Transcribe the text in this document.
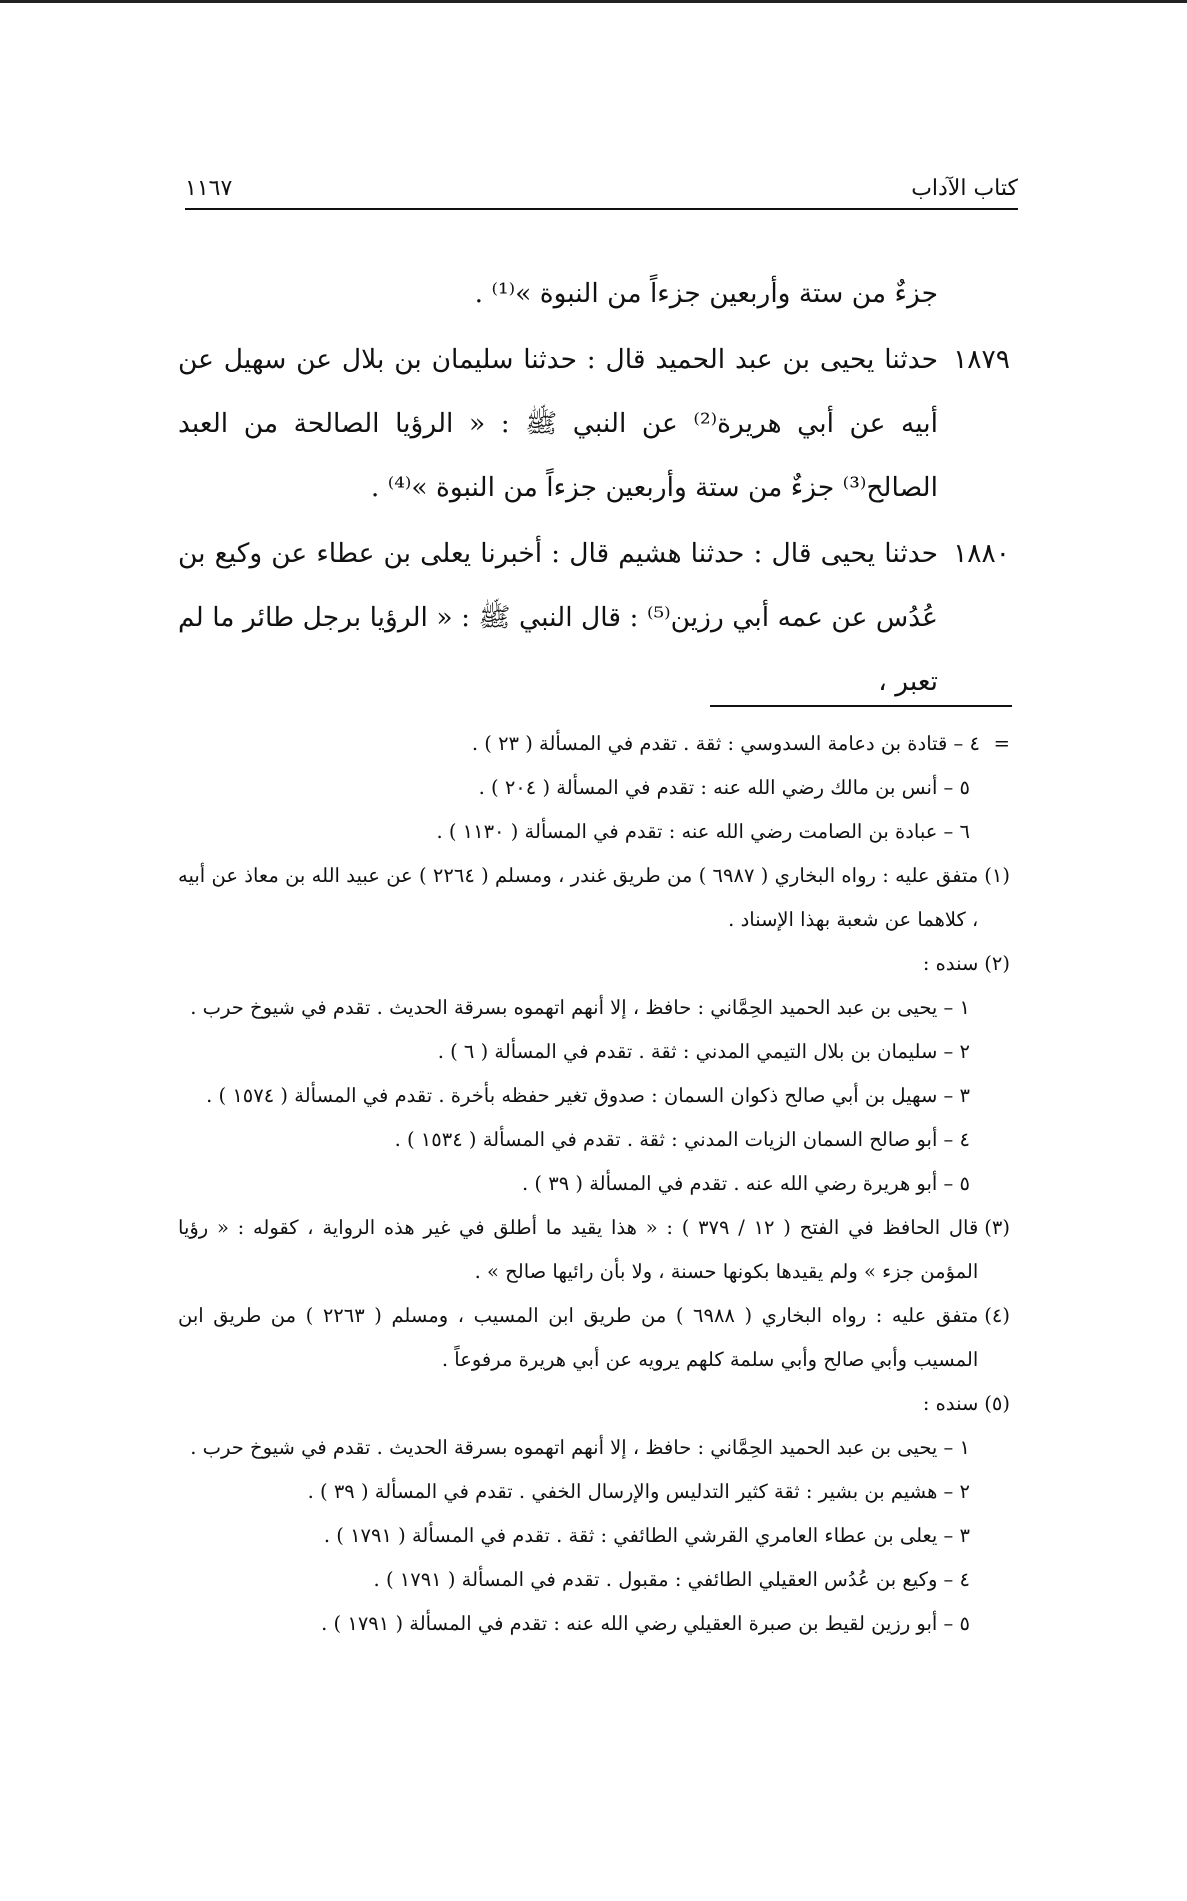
كتاب الآداب
١١٦٧

جزءٌ من ستة وأربعين جزءاً من النبوة »⁽¹⁾ .

١٨٧٩
حدثنا يحيى بن عبد الحميد قال : حدثنا سليمان بن بلال عن سهيل عن أبيه عن أبي هريرة⁽²⁾ عن النبي ﷺ : « الرؤيا الصالحة من العبد الصالح⁽³⁾ جزءٌ من ستة وأربعين جزءاً من النبوة »⁽⁴⁾ .
١٨٨٠
حدثنا يحيى قال : حدثنا هشيم قال : أخبرنا يعلى بن عطاء عن وكيع بن عُدُس عن عمه أبي رزين⁽⁵⁾ : قال النبي ﷺ : « الرؤيا برجل طائر ما لم تعبر ،
=
٤ – قتادة بن دعامة السدوسي : ثقة . تقدم في المسألة ( ٢٣ ) .
٥ – أنس بن مالك رضي الله عنه : تقدم في المسألة ( ٢٠٤ ) .
٦ – عبادة بن الصامت رضي الله عنه : تقدم في المسألة ( ١١٣٠ ) .
(١)
متفق عليه : رواه البخاري ( ٦٩٨٧ ) من طريق غندر ، ومسلم ( ٢٢٦٤ ) عن عبيد الله بن معاذ عن أبيه ، كلاهما عن شعبة بهذا الإسناد .
(٢)
سنده :
١ – يحيى بن عبد الحميد الحِمَّاني : حافظ ، إلا أنهم اتهموه بسرقة الحديث . تقدم في شيوخ حرب .
٢ – سليمان بن بلال التيمي المدني : ثقة . تقدم في المسألة ( ٦ ) .
٣ – سهيل بن أبي صالح ذكوان السمان : صدوق تغير حفظه بأخرة . تقدم في المسألة ( ١٥٧٤ ) .
٤ – أبو صالح السمان الزيات المدني : ثقة . تقدم في المسألة ( ١٥٣٤ ) .
٥ – أبو هريرة رضي الله عنه . تقدم في المسألة ( ٣٩ ) .
(٣)
قال الحافظ في الفتح ( ١٢ / ٣٧٩ ) : « هذا يقيد ما أطلق في غير هذه الرواية ، كقوله : « رؤيا المؤمن جزء » ولم يقيدها بكونها حسنة ، ولا بأن رائيها صالح » .
(٤)
متفق عليه : رواه البخاري ( ٦٩٨٨ ) من طريق ابن المسيب ، ومسلم ( ٢٢٦٣ ) من طريق ابن المسيب وأبي صالح وأبي سلمة كلهم يرويه عن أبي هريرة مرفوعاً .
(٥)
سنده :
١ – يحيى بن عبد الحميد الحِمَّاني : حافظ ، إلا أنهم اتهموه بسرقة الحديث . تقدم في شيوخ حرب .
٢ – هشيم بن بشير : ثقة كثير التدليس والإرسال الخفي . تقدم في المسألة ( ٣٩ ) .
٣ – يعلى بن عطاء العامري القرشي الطائفي : ثقة . تقدم في المسألة ( ١٧٩١ ) .
٤ – وكيع بن عُدُس العقيلي الطائفي : مقبول . تقدم في المسألة ( ١٧٩١ ) .
٥ – أبو رزين لقيط بن صبرة العقيلي رضي الله عنه : تقدم في المسألة ( ١٧٩١ ) .
